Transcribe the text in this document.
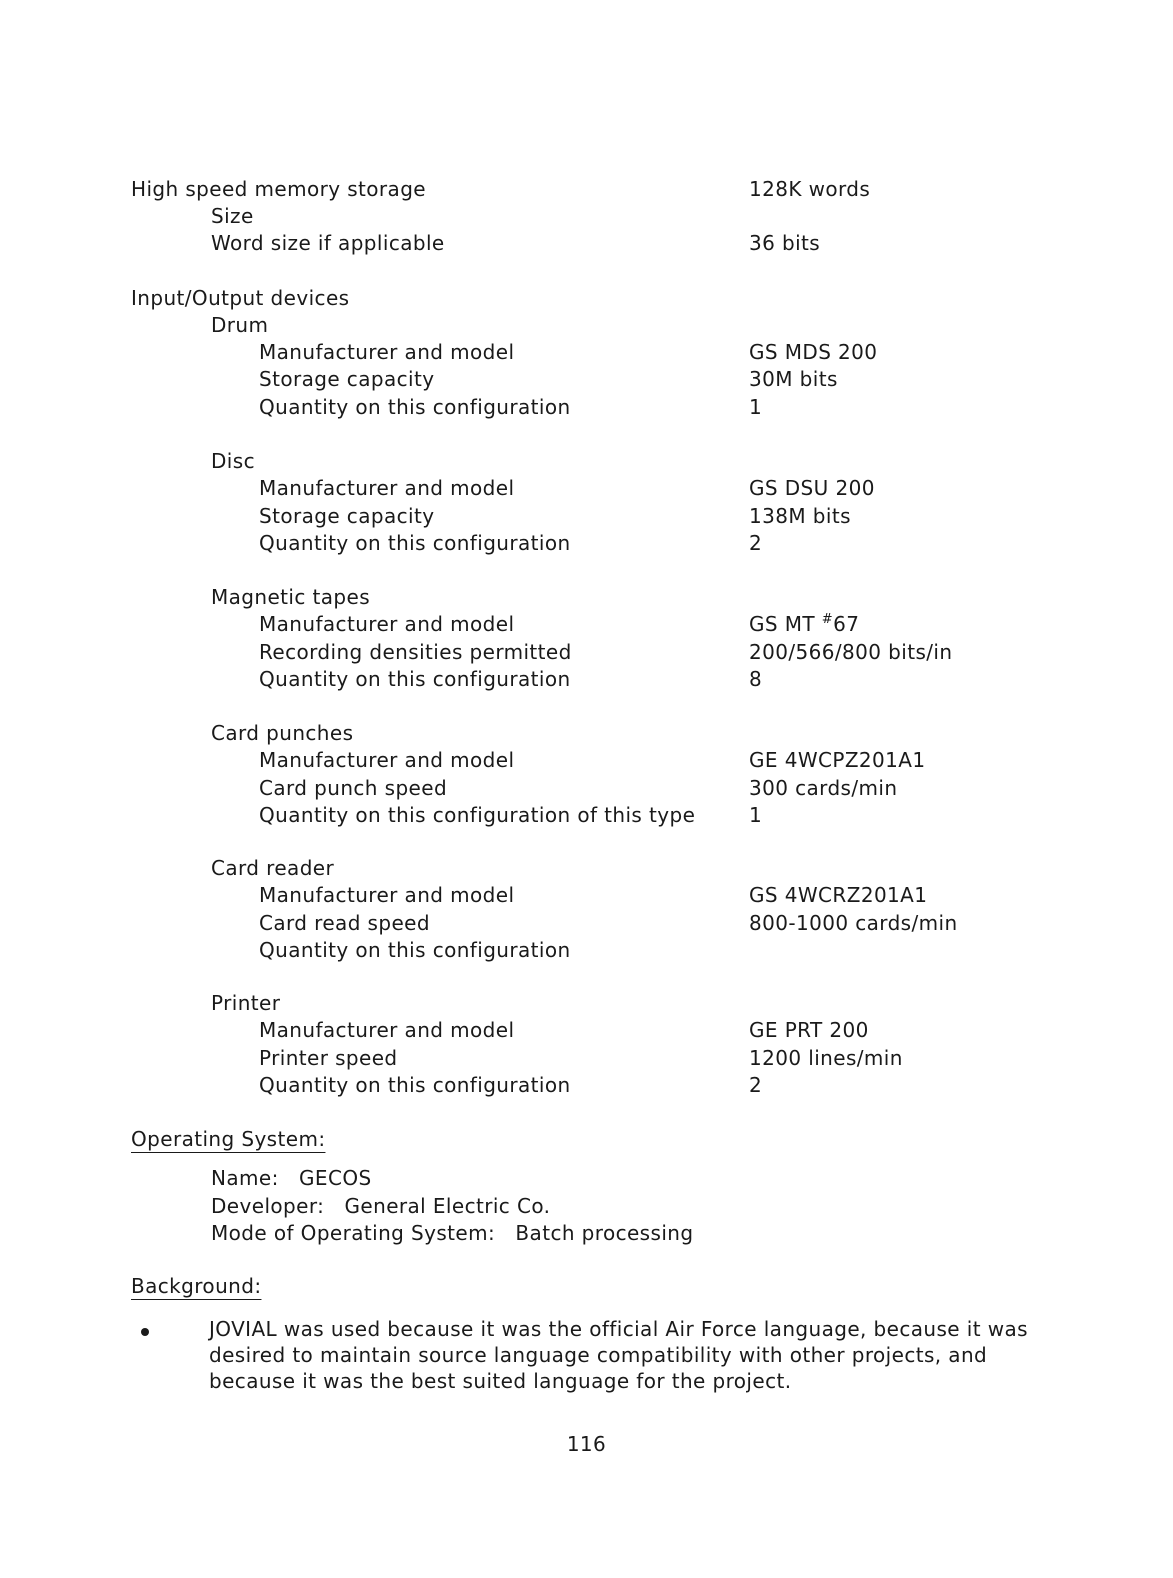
High speed memory storage	128K words
Size
Word size if applicable	36 bits
Input/Output devices
Drum
Manufacturer and model	GS MDS 200
Storage capacity	30M bits
Quantity on this configuration	1
Disc
Manufacturer and model	GS DSU 200
Storage capacity	138M bits
Quantity on this configuration	2
Magnetic tapes
Manufacturer and model	GS MT #67
Recording densities permitted	200/566/800 bits/in
Quantity on this configuration	8
Card punches
Manufacturer and model	GE 4WCPZ201A1
Card punch speed	300 cards/min
Quantity on this configuration of this type	1
Card reader
Manufacturer and model	GS 4WCRZ201A1
Card read speed	800-1000 cards/min
Quantity on this configuration
Printer
Manufacturer and model	GE PRT 200
Printer speed	1200 lines/min
Quantity on this configuration	2
Operating System:
Name:   GECOS
Developer:   General Electric Co.
Mode of Operating System:   Batch processing
Background:
JOVIAL was used because it was the official Air Force language, because it was desired to maintain source language compatibility with other projects, and because it was the best suited language for the project.
116
